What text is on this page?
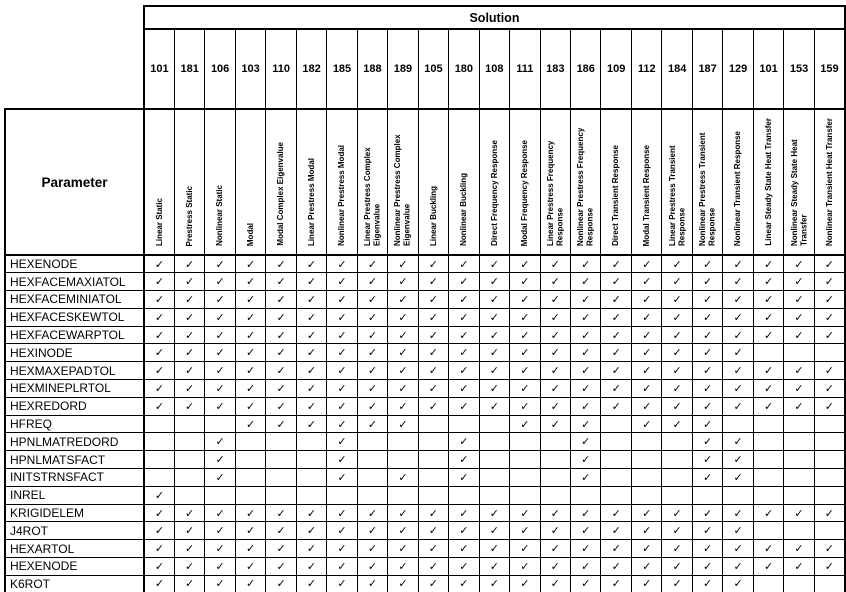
	Solution																						
	101	181	106	103	110	182	185	188	189	105	180	108	111	183	186	109	112	184	187	129	101	153	159
Parameter	Linear Static	Prestress Static	Nonlinear Static	Modal	Modal Complex Eigenvalue	Linear Prestress Modal	Nonlinear Prestress Modal	Linear Prestress Complex Eigenvalue	Nonlinear Prestress Complex Eigenvalue	Linear Buckling	Nonlinear Buckling	Direct Frequency Response	Modal Frequency Response	Linear Prestress Frequency Response	Nonlinear Prestress Frequency Response	Direct Transient Response	Modal Transient Response	Linear Prestress Transient Response	Nonlinear Prestress Transient Response	Nonlinear Transient Response	Linear Steady State Heat Transfer	Nonlinear Steady State Heat Transfer	Nonlinear Transient Heat Transfer
HEXENODE	✓	✓	✓	✓	✓	✓	✓	✓	✓	✓	✓	✓	✓	✓	✓	✓	✓	✓	✓	✓	✓	✓	✓
HEXFACEMAXIATOL	✓	✓	✓	✓	✓	✓	✓	✓	✓	✓	✓	✓	✓	✓	✓	✓	✓	✓	✓	✓	✓	✓	✓
HEXFACEMINIATOL	✓	✓	✓	✓	✓	✓	✓	✓	✓	✓	✓	✓	✓	✓	✓	✓	✓	✓	✓	✓	✓	✓	✓
HEXFACESKEWTOL	✓	✓	✓	✓	✓	✓	✓	✓	✓	✓	✓	✓	✓	✓	✓	✓	✓	✓	✓	✓	✓	✓	✓
HEXFACEWARPTOL	✓	✓	✓	✓	✓	✓	✓	✓	✓	✓	✓	✓	✓	✓	✓	✓	✓	✓	✓	✓	✓	✓	✓
HEXINODE	✓	✓	✓	✓	✓	✓	✓	✓	✓	✓	✓	✓	✓	✓	✓	✓	✓	✓	✓	✓			
HEXMAXEPADTOL	✓	✓	✓	✓	✓	✓	✓	✓	✓	✓	✓	✓	✓	✓	✓	✓	✓	✓	✓	✓	✓	✓	✓
HEXMINEPLRTOL	✓	✓	✓	✓	✓	✓	✓	✓	✓	✓	✓	✓	✓	✓	✓	✓	✓	✓	✓	✓	✓	✓	✓
HEXREDORD	✓	✓	✓	✓	✓	✓	✓	✓	✓	✓	✓	✓	✓	✓	✓	✓	✓	✓	✓	✓	✓	✓	✓
HFREQ				✓	✓	✓	✓	✓	✓				✓	✓	✓		✓	✓	✓				
HPNLMATREDORD			✓				✓				✓				✓				✓	✓			
HPNLMATSFACT			✓				✓				✓				✓				✓	✓			
INITSTRNSFACT			✓				✓		✓		✓				✓				✓	✓			
INREL	✓																						
KRIGIDELEM	✓	✓	✓	✓	✓	✓	✓	✓	✓	✓	✓	✓	✓	✓	✓	✓	✓	✓	✓	✓	✓	✓	✓
J4ROT	✓	✓	✓	✓	✓	✓	✓	✓	✓	✓	✓	✓	✓	✓	✓	✓	✓	✓	✓	✓			
HEXARTOL	✓	✓	✓	✓	✓	✓	✓	✓	✓	✓	✓	✓	✓	✓	✓	✓	✓	✓	✓	✓	✓	✓	✓
HEXENODE	✓	✓	✓	✓	✓	✓	✓	✓	✓	✓	✓	✓	✓	✓	✓	✓	✓	✓	✓	✓	✓	✓	✓
K6ROT	✓	✓	✓	✓	✓	✓	✓	✓	✓	✓	✓	✓	✓	✓	✓	✓	✓	✓	✓	✓			
